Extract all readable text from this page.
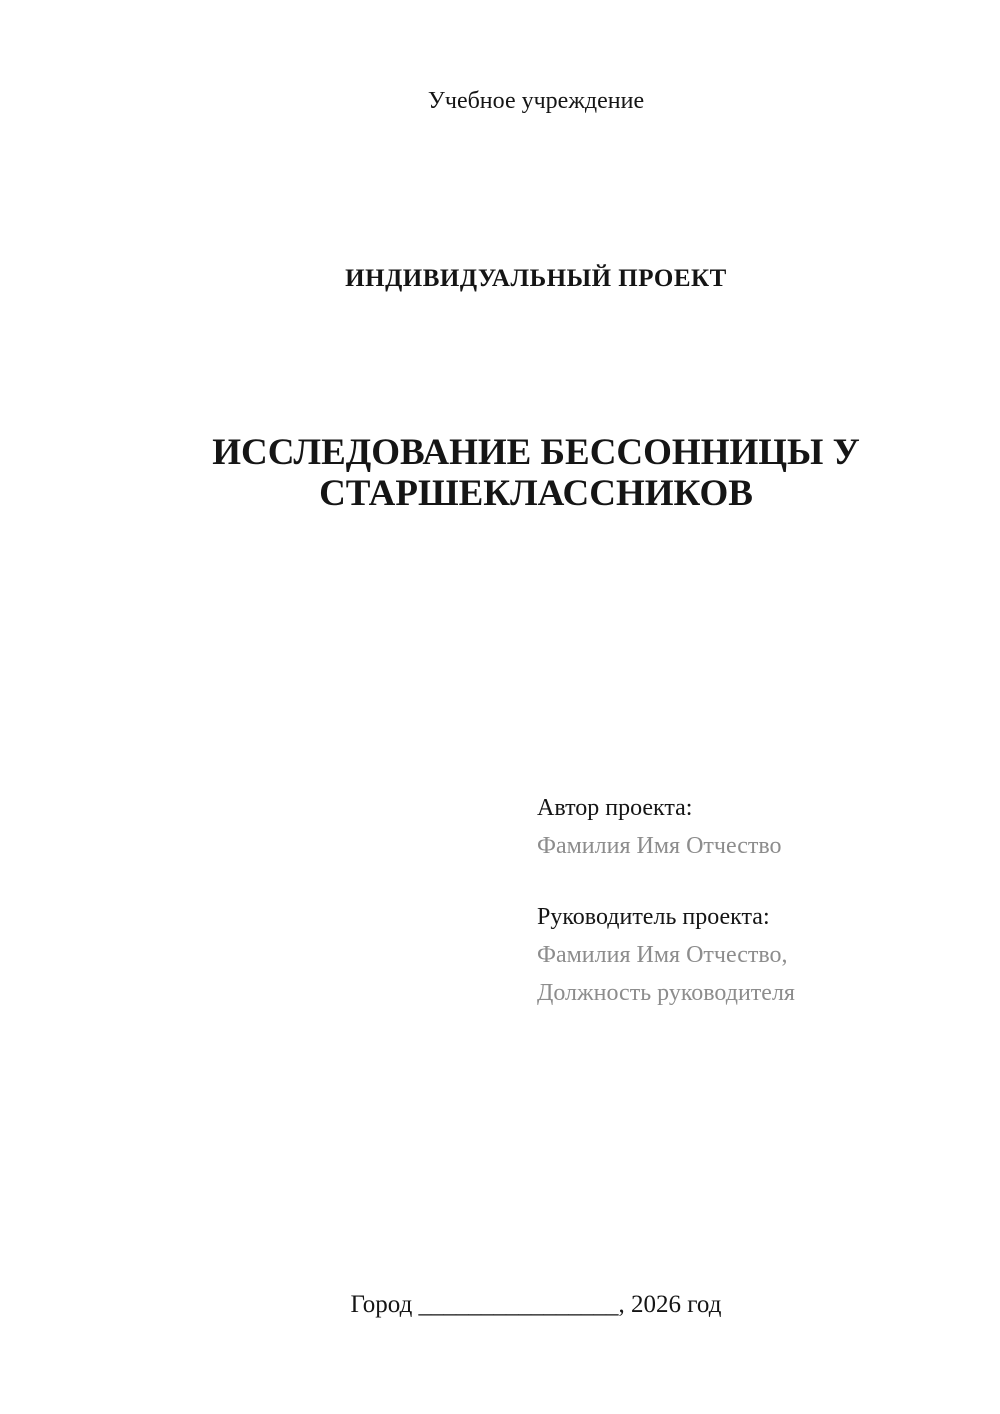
Учебное учреждение
ИНДИВИДУАЛЬНЫЙ ПРОЕКТ
ИССЛЕДОВАНИЕ БЕССОННИЦЫ У СТАРШЕКЛАССНИКОВ

Автор проекта:

Фамилия Имя Отчество

Руководитель проекта:

Фамилия Имя Отчество,

Должность руководителя

Город ________________, 2026 год
